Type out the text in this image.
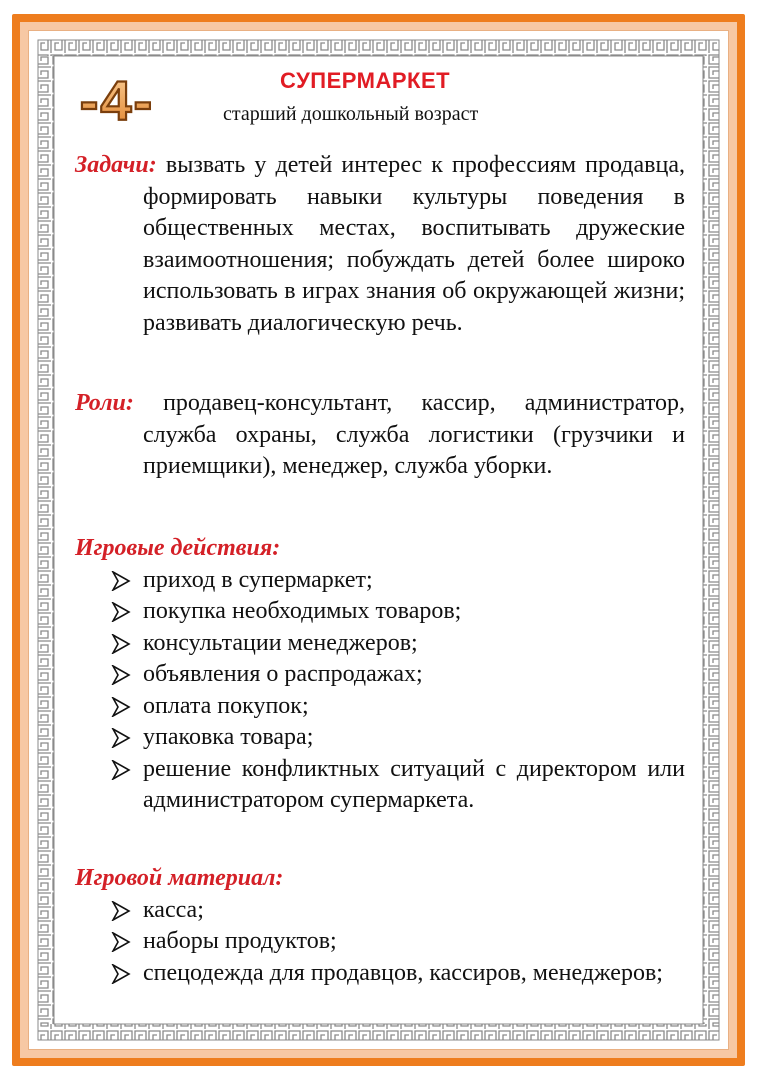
-4-	СУПЕРМАРКЕТ
старший дошкольный возраст

Задачи: вызвать у детей интерес к профессиям продавца, формировать навыки культуры поведения в общественных местах, воспитывать дружеские взаимоотношения; побуждать детей более широко использовать в играх знания об окружающей жизни; развивать диалогическую речь.

Роли: продавец-консультант, кассир, администратор, служба охраны, служба логистики (грузчики и приемщики), менеджер, служба уборки.

Игровые действия:

приход в супермаркет;
покупка необходимых товаров;
консультации менеджеров;
объявления о распродажах;
оплата покупок;
упаковка товара;
решение конфликтных ситуаций с директором или администратором супермаркета.

Игровой материал:

касса;
наборы продуктов;
спецодежда для продавцов, кассиров, менеджеров;
